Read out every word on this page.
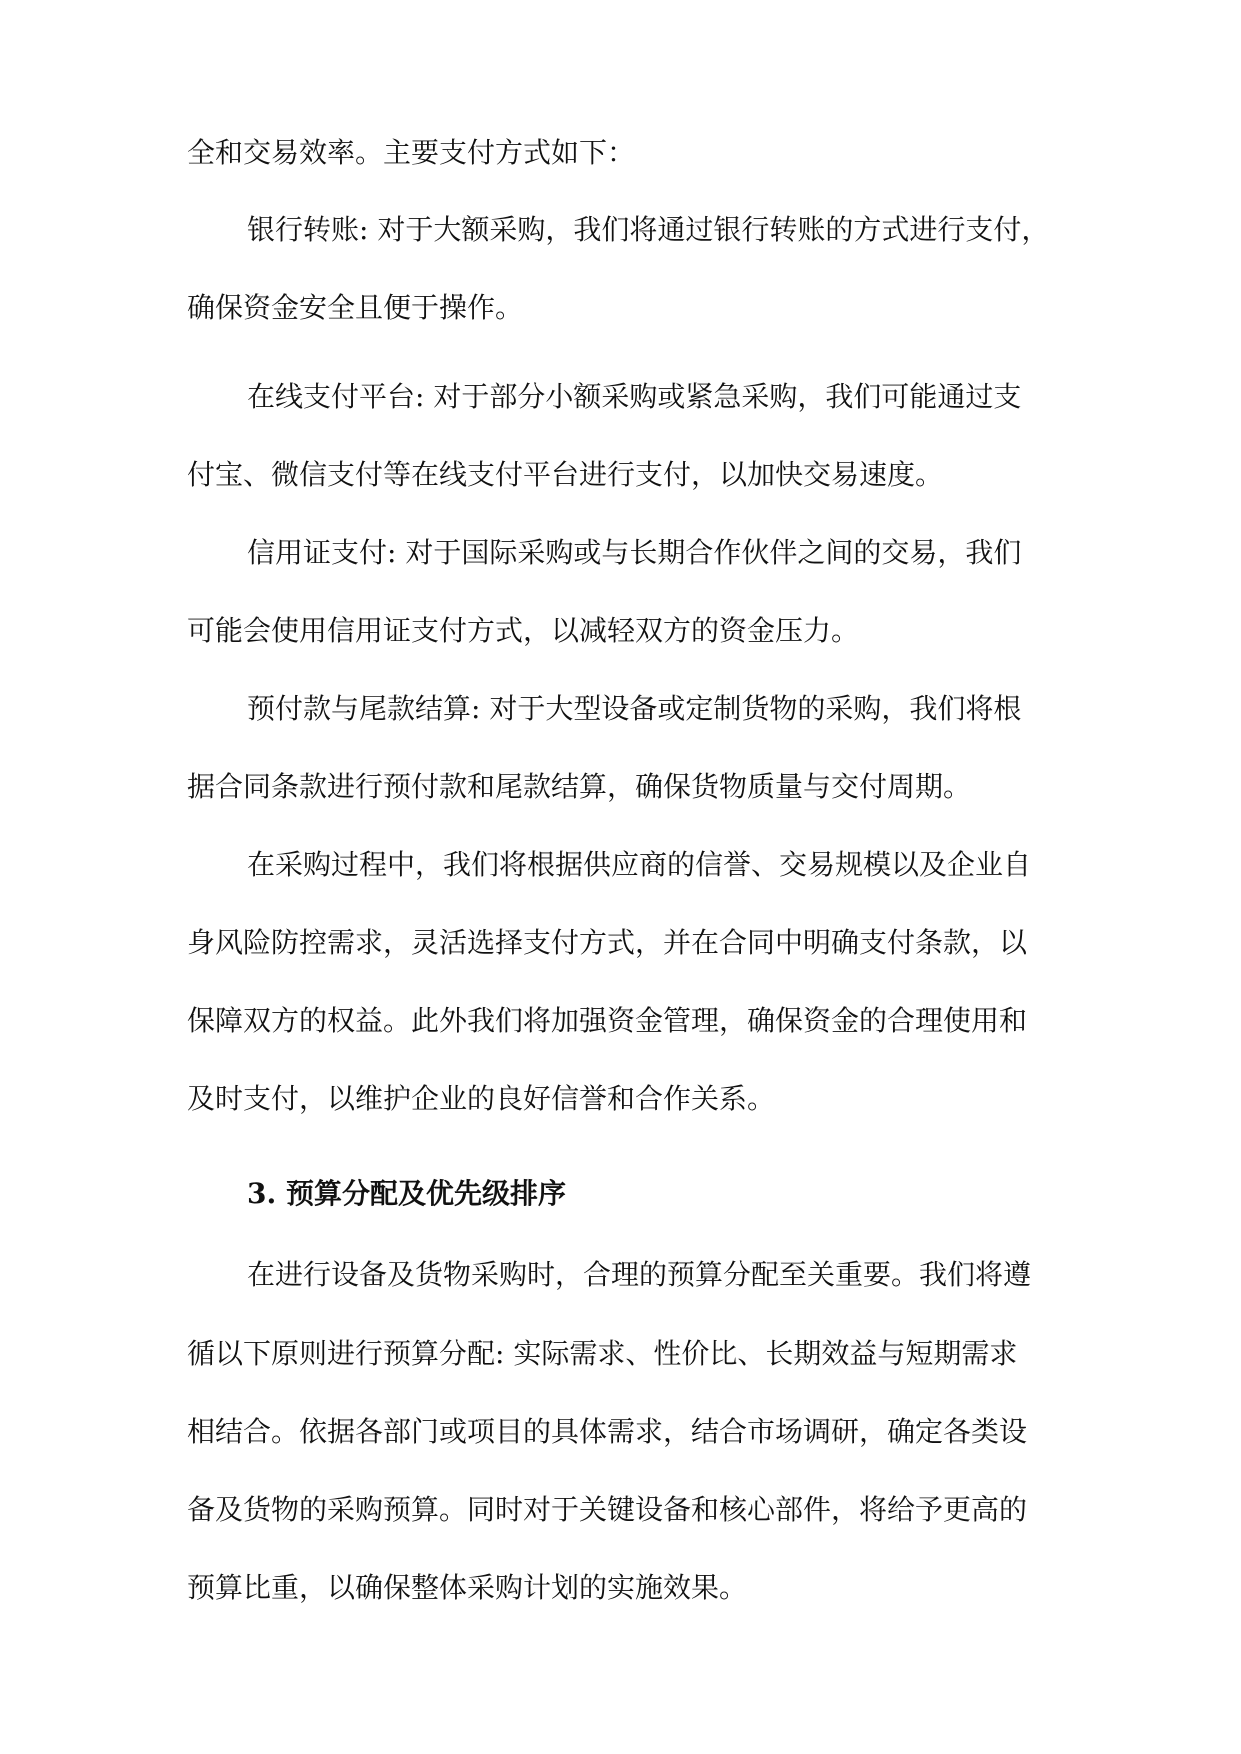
全和交易效率。主要支付方式如下：

银行转账: 对于大额采购，我们将通过银行转账的方式进行支付，

确保资金安全且便于操作。

在线支付平台: 对于部分小额采购或紧急采购，我们可能通过支

付宝、微信支付等在线支付平台进行支付，以加快交易速度。

信用证支付: 对于国际采购或与长期合作伙伴之间的交易，我们

可能会使用信用证支付方式，以减轻双方的资金压力。

预付款与尾款结算: 对于大型设备或定制货物的采购，我们将根

据合同条款进行预付款和尾款结算，确保货物质量与交付周期。

在采购过程中，我们将根据供应商的信誉、交易规模以及企业自

身风险防控需求，灵活选择支付方式，并在合同中明确支付条款，以

保障双方的权益。此外我们将加强资金管理，确保资金的合理使用和

及时支付，以维护企业的良好信誉和合作关系。

3. 预算分配及优先级排序

在进行设备及货物采购时，合理的预算分配至关重要。我们将遵

循以下原则进行预算分配: 实际需求、性价比、长期效益与短期需求

相结合。依据各部门或项目的具体需求，结合市场调研，确定各类设

备及货物的采购预算。同时对于关键设备和核心部件，将给予更高的

预算比重，以确保整体采购计划的实施效果。
